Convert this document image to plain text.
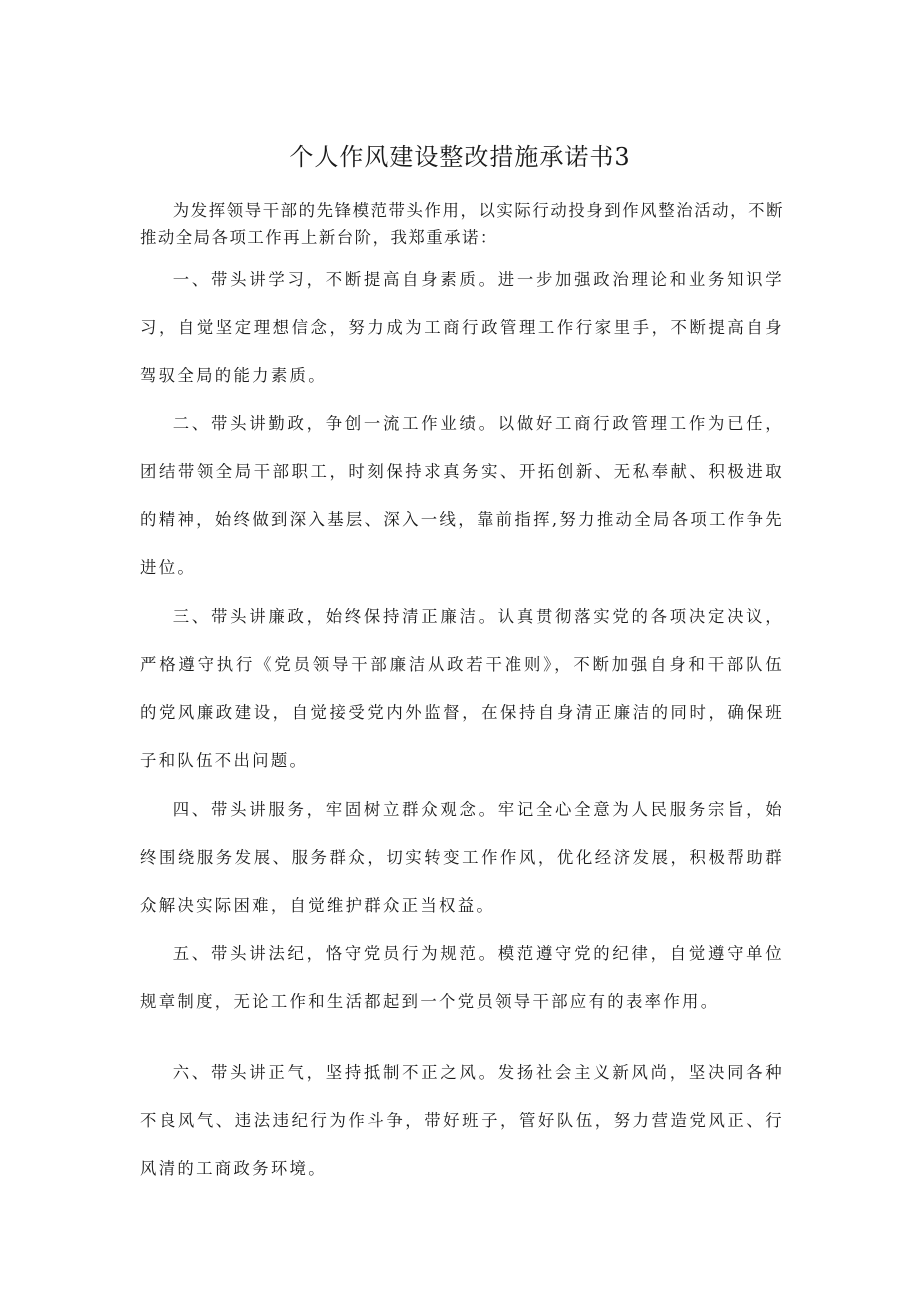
个人作风建设整改措施承诺书3

为发挥领导干部的先锋模范带头作用，以实际行动投身到作风整治活动，不断推动全局各项工作再上新台阶，我郑重承诺：

一、带头讲学习，不断提高自身素质。进一步加强政治理论和业务知识学习，自觉坚定理想信念，努力成为工商行政管理工作行家里手，不断提高自身驾驭全局的能力素质。

二、带头讲勤政，争创一流工作业绩。以做好工商行政管理工作为已任，团结带领全局干部职工，时刻保持求真务实、开拓创新、无私奉献、积极进取的精神，始终做到深入基层、深入一线，靠前指挥,努力推动全局各项工作争先进位。

三、带头讲廉政，始终保持清正廉洁。认真贯彻落实党的各项决定决议，严格遵守执行《党员领导干部廉洁从政若干准则》，不断加强自身和干部队伍的党风廉政建设，自觉接受党内外监督，在保持自身清正廉洁的同时，确保班子和队伍不出问题。

四、带头讲服务，牢固树立群众观念。牢记全心全意为人民服务宗旨，始终围绕服务发展、服务群众，切实转变工作作风，优化经济发展，积极帮助群众解决实际困难，自觉维护群众正当权益。

五、带头讲法纪，恪守党员行为规范。模范遵守党的纪律，自觉遵守单位规章制度，无论工作和生活都起到一个党员领导干部应有的表率作用。

六、带头讲正气，坚持抵制不正之风。发扬社会主义新风尚，坚决同各种不良风气、违法违纪行为作斗争，带好班子，管好队伍，努力营造党风正、行风清的工商政务环境。
